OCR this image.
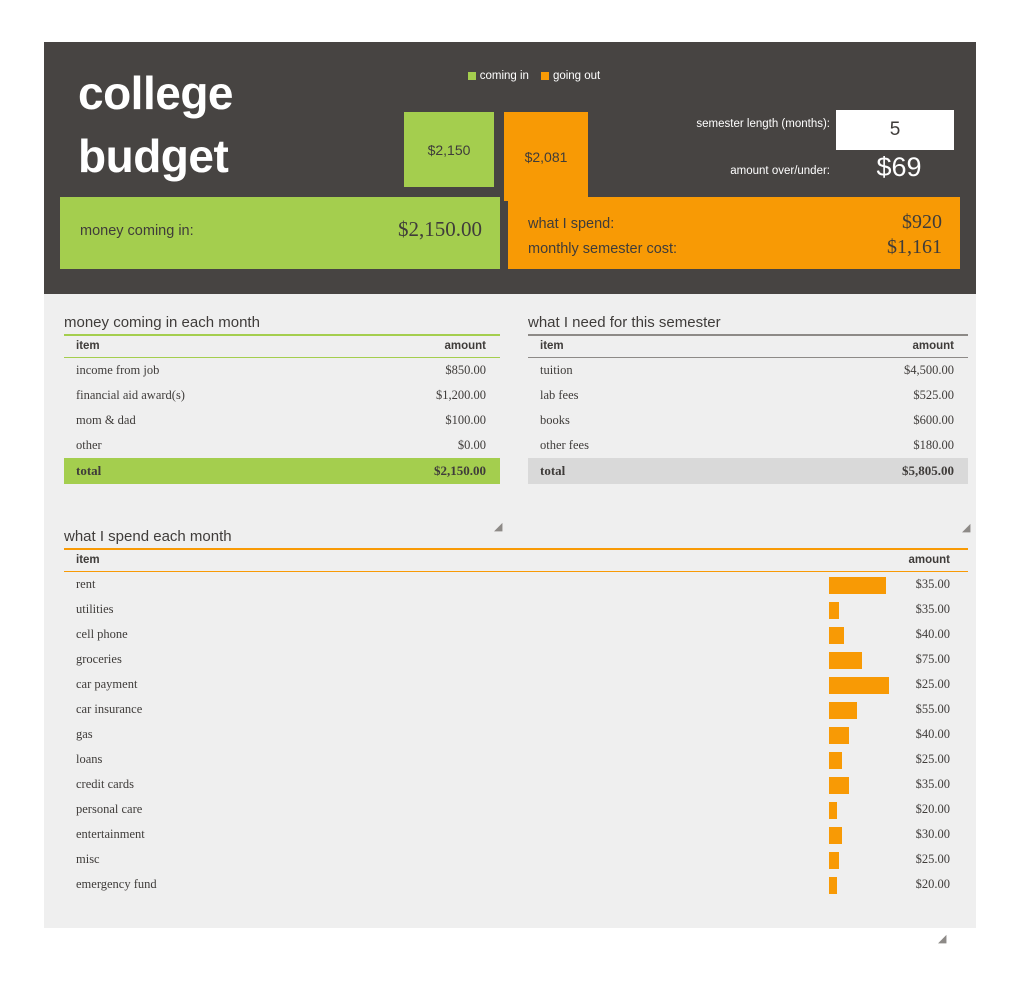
college
budget
coming in going out
$2,150	$2,081
semester length (months):	5
amount over/under:	$69
money coming in:	$2,150.00	what I spend:	$920
monthly semester cost:	$1,161
money coming in each month
item	amount
income from job	$850.00
financial aid award(s)	$1,200.00
mom & dad	$100.00
other	$0.00
total	$2,150.00
◢
what I need for this semester
item	amount
tuition	$4,500.00
lab fees	$525.00
books	$600.00
other fees	$180.00
total	$5,805.00
◢
what I spend each month
item		amount
rent		$35.00
utilities		$35.00
cell phone		$40.00
groceries		$75.00
car payment		$25.00
car insurance		$55.00
gas		$40.00
loans		$25.00
credit cards		$35.00
personal care		$20.00
entertainment		$30.00
misc		$25.00
emergency fund		$20.00
◢
